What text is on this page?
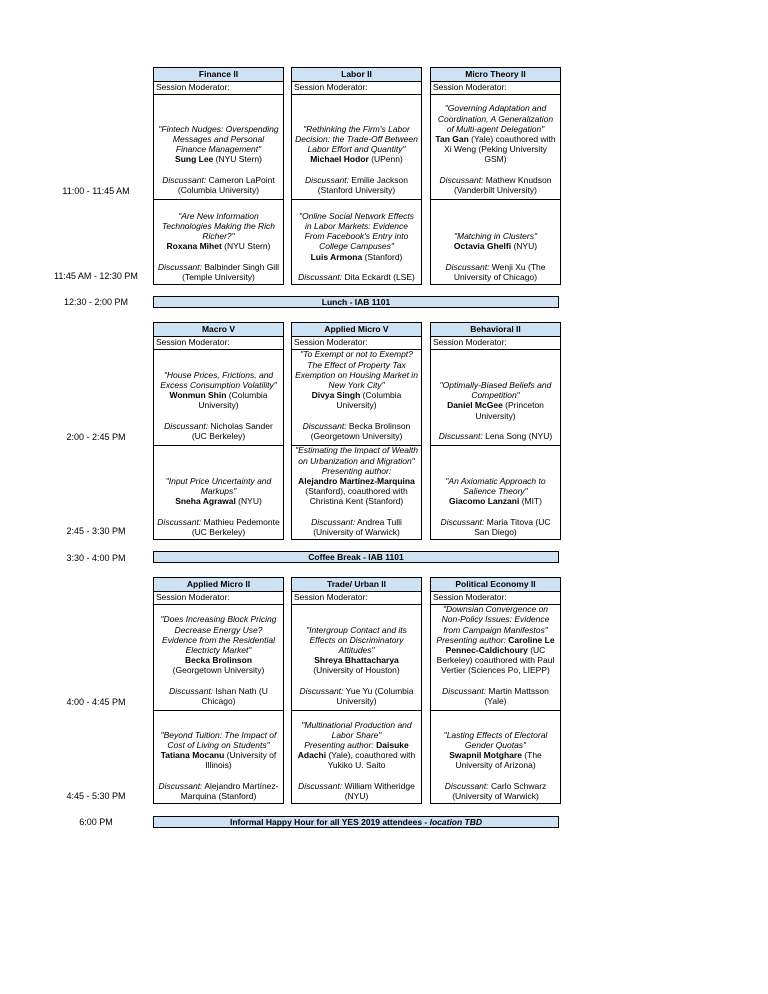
11:00 - 11:45 AM
11:45 AM - 12:30 PM
12:30 - 2:00 PM
2:00 - 2:45 PM
2:45 - 3:30 PM
3:30 - 4:00 PM
4:00 - 4:45 PM
4:45 - 5:30 PM
6:00 PM
Lunch - IAB 1101
Coffee Break - IAB 1101
Informal Happy Hour for all YES 2019 attendees - location TBD
Finance II
Session Moderator:

"Fintech Nudges: Overspending Messages and Personal Finance Management"

Sung Lee (NYU Stern)

Discussant: Cameron LaPoint (Columbia University)

"Are New Information Technologies Making the Rich Richer?"

Roxana Mihet (NYU Stern)

Discussant: Balbinder Singh Gill (Temple University)

Labor II
Session Moderator:

"Rethinking the Firm's Labor Decision: the Trade-Off Between Labor Effort and Quantity"

Michael Hodor (UPenn)

Discussant: Emilie Jackson (Stanford University)

"Online Social Network Effects in Labor Markets: Evidence From Facebook's Entry into College Campuses"

Luis Armona (Stanford)

Discussant: Dita Eckardt (LSE)

Micro Theory II
Session Moderator:

"Governing Adaptation and Coordination, A Generalization of Multi-agent Delegation"

Tan Gan (Yale) coauthored with Xi Weng (Peking University GSM)

Discussant: Mathew Knudson (Vanderbilt University)

"Matching in Clusters"

Octavia Ghelfi (NYU)

Discussant: Wenji Xu (The University of Chicago)

Macro V
Session Moderator:

"House Prices, Frictions, and Excess Consumption Volatility"

Wonmun Shin (Columbia University)

Discussant: Nicholas Sander (UC Berkeley)

"Input Price Uncertainty and Markups"

Sneha Agrawal (NYU)

Discussant: Mathieu Pedemonte (UC Berkeley)

Applied Micro V
Session Moderator:

"To Exempt or not to Exempt? The Effect of Property Tax Exemption on Housing Market in New York City"

Divya Singh (Columbia University)

Discussant: Becka Brolinson (Georgetown University)

"Estimating the Impact of Wealth on Urbanization and Migration" Presenting author:

Alejandro Martínez-Marquina (Stanford), coauthored with Christina Kent (Stanford)

Discussant: Andrea Tulli (University of Warwick)

Behavioral II
Session Moderator:

"Optimally-Biased Beliefs and Competition"

Daniel McGee (Princeton University)

Discussant: Lena Song (NYU)

"An Axiomatic Approach to Salience Theory"

Giacomo Lanzani (MIT)

Discussant: Maria Titova (UC San Diego)

Applied Micro II
Session Moderator:

"Does Increasing Block Pricing Decrease Energy Use? Evidence from the Residential Electricty Market"

Becka Brolinson
(Georgetown University)

Discussant: Ishan Nath (U Chicago)

"Beyond Tuition: The Impact of Cost of Living on Students"

Tatiana Mocanu (University of Illinois)

Discussant: Alejandro Martínez-Marquina (Stanford)

Trade/ Urban II
Session Moderator:

"Intergroup Contact and its Effects on Discriminatory Attitudes"

Shreya Bhattacharya
(University of Houston)

Discussant: Yue Yu (Columbia University)

"Multinational Production and Labor Share"

Presenting author: Daisuke Adachi (Yale), coauthored with Yukiko U. Saito

Discussant: William Witheridge (NYU)

Political Economy II
Session Moderator:

"Downsian Convergence on Non-Policy Issues: Evidence from Campaign Manifestos"

Presenting author: Caroline Le Pennec-Caldichoury (UC Berkeley) coauthored with Paul Vertier (Sciences Po, LIEPP)

Discussant: Martin Mattsson (Yale)

"Lasting Effects of Electoral Gender Quotas"

Swapnil Motghare (The University of Arizona)

Discussant: Carlo Schwarz (University of Warwick)
